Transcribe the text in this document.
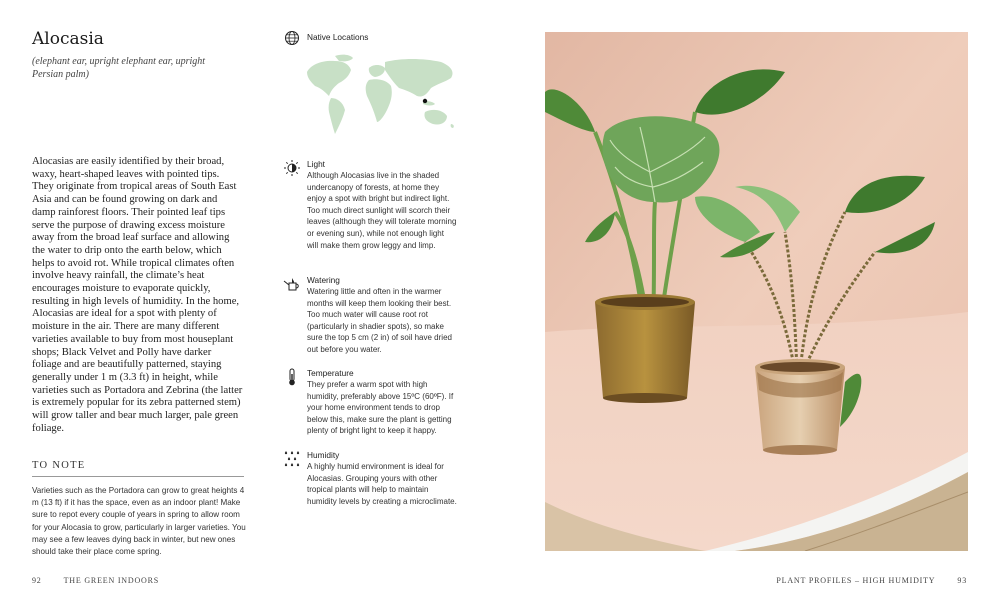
Alocasia

(elephant ear, upright elephant ear, upright Persian palm)

Alocasias are easily identified by their broad, waxy, heart-shaped leaves with pointed tips. They originate from tropical areas of South East Asia and can be found growing on dark and damp rainforest floors. Their pointed leaf tips serve the purpose of drawing excess moisture away from the broad leaf surface and allowing the water to drip onto the earth below, which helps to avoid rot. While tropical climates often involve heavy rainfall, the climate’s heat encourages moisture to evaporate quickly, resulting in high levels of humidity. In the home, Alocasias are ideal for a spot with plenty of moisture in the air. There are many different varieties available to buy from most houseplant shops; Black Velvet and Polly have darker foliage and are beautifully patterned, staying generally under 1 m (3.3 ft) in height, while varieties such as Portadora and Zebrina (the latter is extremely popular for its zebra patterned stem) will grow taller and bear much larger, pale green foliage.

TO NOTE

Varieties such as the Portadora can grow to great heights 4 m (13 ft) if it has the space, even as an indoor plant! Make sure to repot every couple of years in spring to allow room for your Alocasia to grow, particularly in larger varieties. You may see a few leaves dying back in winter, but new ones should take their place come spring.

92	THE GREEN INDOORS	PLANT PROFILES – HIGH HUMIDITY	93
Native Locations
Light

Although Alocasias live in the shaded undercanopy of forests, at home they enjoy a spot with bright but indirect light. Too much direct sunlight will scorch their leaves (although they will tolerate morning or evening sun), while not enough light will make them grow leggy and limp.

Watering

Watering little and often in the warmer months will keep them looking their best. Too much water will cause root rot (particularly in shadier spots), so make sure the top 5 cm (2 in) of soil have dried out before you water.

Temperature

They prefer a warm spot with high humidity, preferably above 15ºC (60ºF). If your home environment tends to drop below this, make sure the plant is getting plenty of bright light to keep it happy.

Humidity

A highly humid environment is ideal for Alocasias. Grouping yours with other tropical plants will help to maintain humidity levels by creating a microclimate.
